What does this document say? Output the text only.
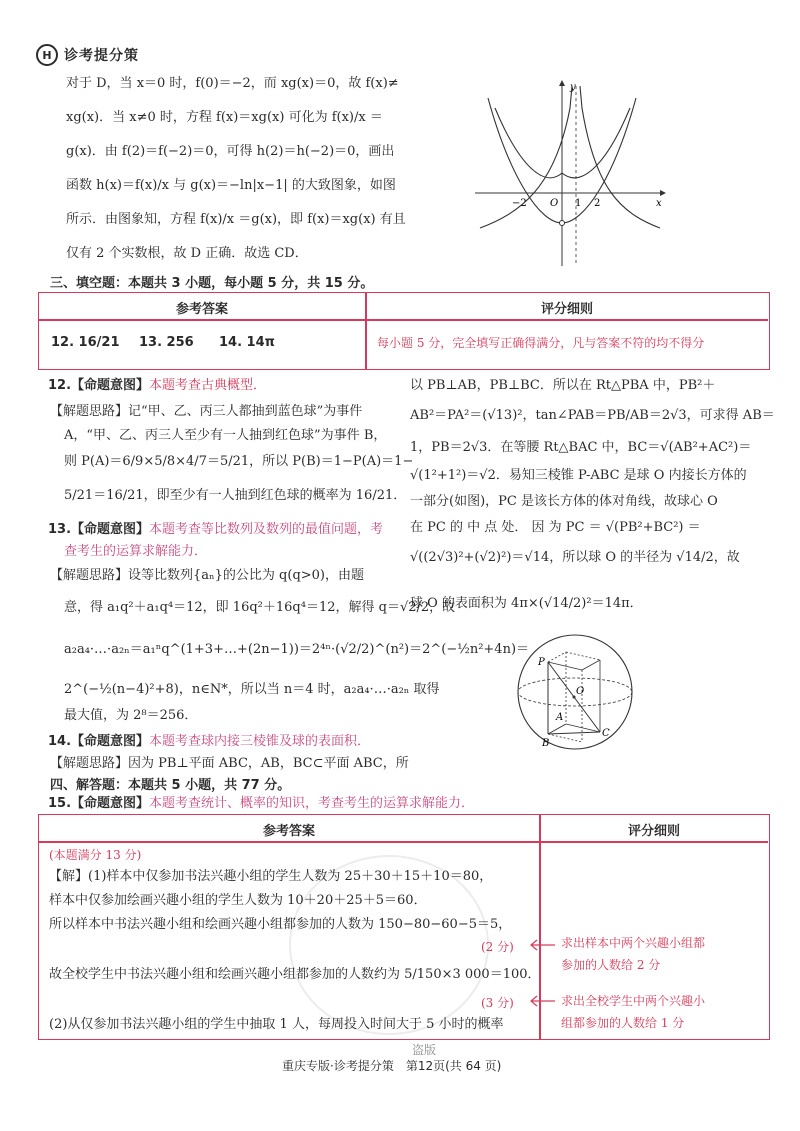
H 诊考提分策
对于 D，当 x＝0 时，f(0)＝−2，而 xg(x)＝0，故 f(x)≠
xg(x)．当 x≠0 时，方程 f(x)＝xg(x) 可化为 f(x)/x ＝
g(x)．由 f(2)＝f(−2)＝0，可得 h(2)＝h(−2)＝0，画出
函数 h(x)＝f(x)/x 与 g(x)＝−ln|x−1| 的大致图象，如图
所示．由图象知，方程 f(x)/x ＝g(x)，即 f(x)＝xg(x) 有且
仅有 2 个实数根，故 D 正确．故选 CD．
y
x
−2 O 1 2
三、填空题：本题共 3 小题，每小题 5 分，共 15 分。
参考答案	评分细则
12. 16/21 13. 256 14. 14π	每小题 5 分，完全填写正确得满分，凡与答案不符的均不得分
12.【命题意图】本题考查古典概型．
【解题思路】记“甲、乙、丙三人都抽到蓝色球”为事件
A，“甲、乙、丙三人至少有一人抽到红色球”为事件 B，
则 P(A)＝6/9×5/8×4/7＝5/21，所以 P(B)＝1−P(A)＝1−
5/21＝16/21，即至少有一人抽到红色球的概率为 16/21．
13.【命题意图】本题考查等比数列及数列的最值问题，考
查考生的运算求解能力．
【解题思路】设等比数列{aₙ}的公比为 q(q>0)，由题
意，得 a₁q²＋a₁q⁴＝12，即 16q²＋16q⁴＝12，解得 q＝√2/2，故
a₂a₄·…·a₂ₙ＝a₁ⁿq^(1+3+…+(2n−1))＝2⁴ⁿ·(√2/2)^(n²)＝2^(−½n²+4n)＝
2^(−½(n−4)²+8)，n∈N*，所以当 n＝4 时，a₂a₄·…·a₂ₙ 取得
最大值，为 2⁸＝256．
14.【命题意图】本题考查球内接三棱锥及球的表面积．
【解题思路】因为 PB⊥平面 ABC，AB，BC⊂平面 ABC，所
以 PB⊥AB，PB⊥BC．所以在 Rt△PBA 中，PB²＋
AB²＝PA²＝(√13)²，tan∠PAB＝PB/AB＝2√3，可求得 AB＝
1，PB＝2√3．在等腰 Rt△BAC 中，BC＝√(AB²+AC²)＝
√(1²+1²)＝√2．易知三棱锥 P-ABC 是球 O 内接长方体的
一部分(如图)，PC 是该长方体的体对角线，故球心 O
在 PC 的 中 点 处． 因 为 PC ＝ √(PB²+BC²) ＝
√((2√3)²+(√2)²)＝√14，所以球 O 的半径为 √14/2，故
球 O 的表面积为 4π×(√14/2)²＝14π．
P
O
A
C
B
四、解答题：本题共 5 小题，共 77 分。
15.【命题意图】本题考查统计、概率的知识，考查考生的运算求解能力．
参考答案	评分细则
(本题满分 13 分)
【解】(1)样本中仅参加书法兴趣小组的学生人数为 25＋30＋15＋10＝80，
样本中仅参加绘画兴趣小组的学生人数为 10＋20＋25＋5＝60．
所以样本中书法兴趣小组和绘画兴趣小组都参加的人数为 150−80−60−5＝5，
(2 分)
故全校学生中书法兴趣小组和绘画兴趣小组都参加的人数约为 5/150×3 000＝100．
(3 分)
(2)从仅参加书法兴趣小组的学生中抽取 1 人，每周投入时间大于 5 小时的概率
求出样本中两个兴趣小组都
参加的人数给 2 分
求出全校学生中两个兴趣小
组都参加的人数给 1 分
盗版
重庆专版·诊考提分策　第12页(共 64 页)
